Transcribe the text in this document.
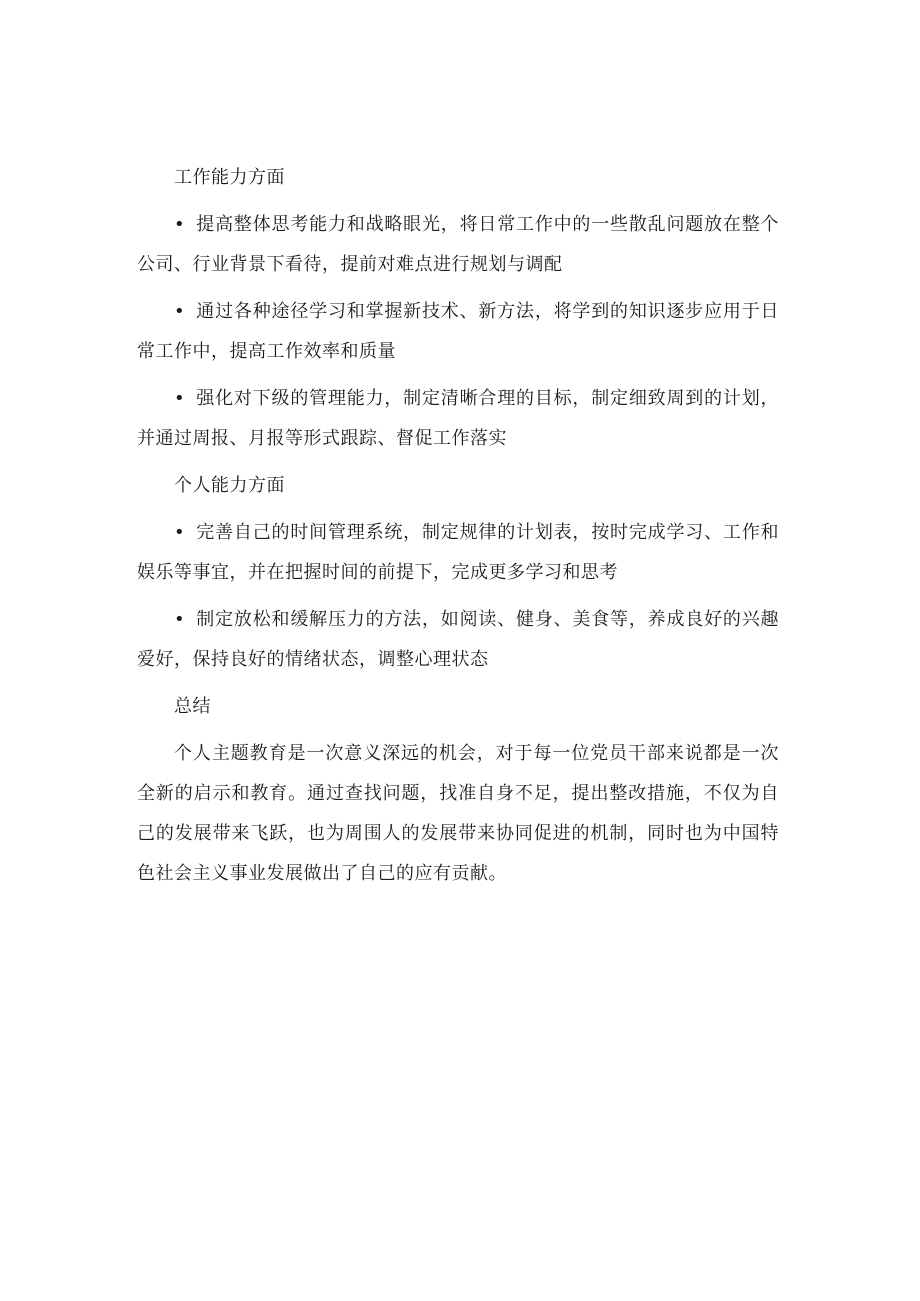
工作能力方面
• 提高整体思考能力和战略眼光，将日常工作中的一些散乱问题放在整个公司、行业背景下看待，提前对难点进行规划与调配
• 通过各种途径学习和掌握新技术、新方法，将学到的知识逐步应用于日常工作中，提高工作效率和质量
• 强化对下级的管理能力，制定清晰合理的目标，制定细致周到的计划，并通过周报、月报等形式跟踪、督促工作落实
个人能力方面
• 完善自己的时间管理系统，制定规律的计划表，按时完成学习、工作和娱乐等事宜，并在把握时间的前提下，完成更多学习和思考
• 制定放松和缓解压力的方法，如阅读、健身、美食等，养成良好的兴趣爱好，保持良好的情绪状态，调整心理状态
总结

个人主题教育是一次意义深远的机会，对于每一位党员干部来说都是一次全新的启示和教育。通过查找问题，找准自身不足，提出整改措施，不仅为自己的发展带来飞跃，也为周围人的发展带来协同促进的机制，同时也为中国特色社会主义事业发展做出了自己的应有贡献。
